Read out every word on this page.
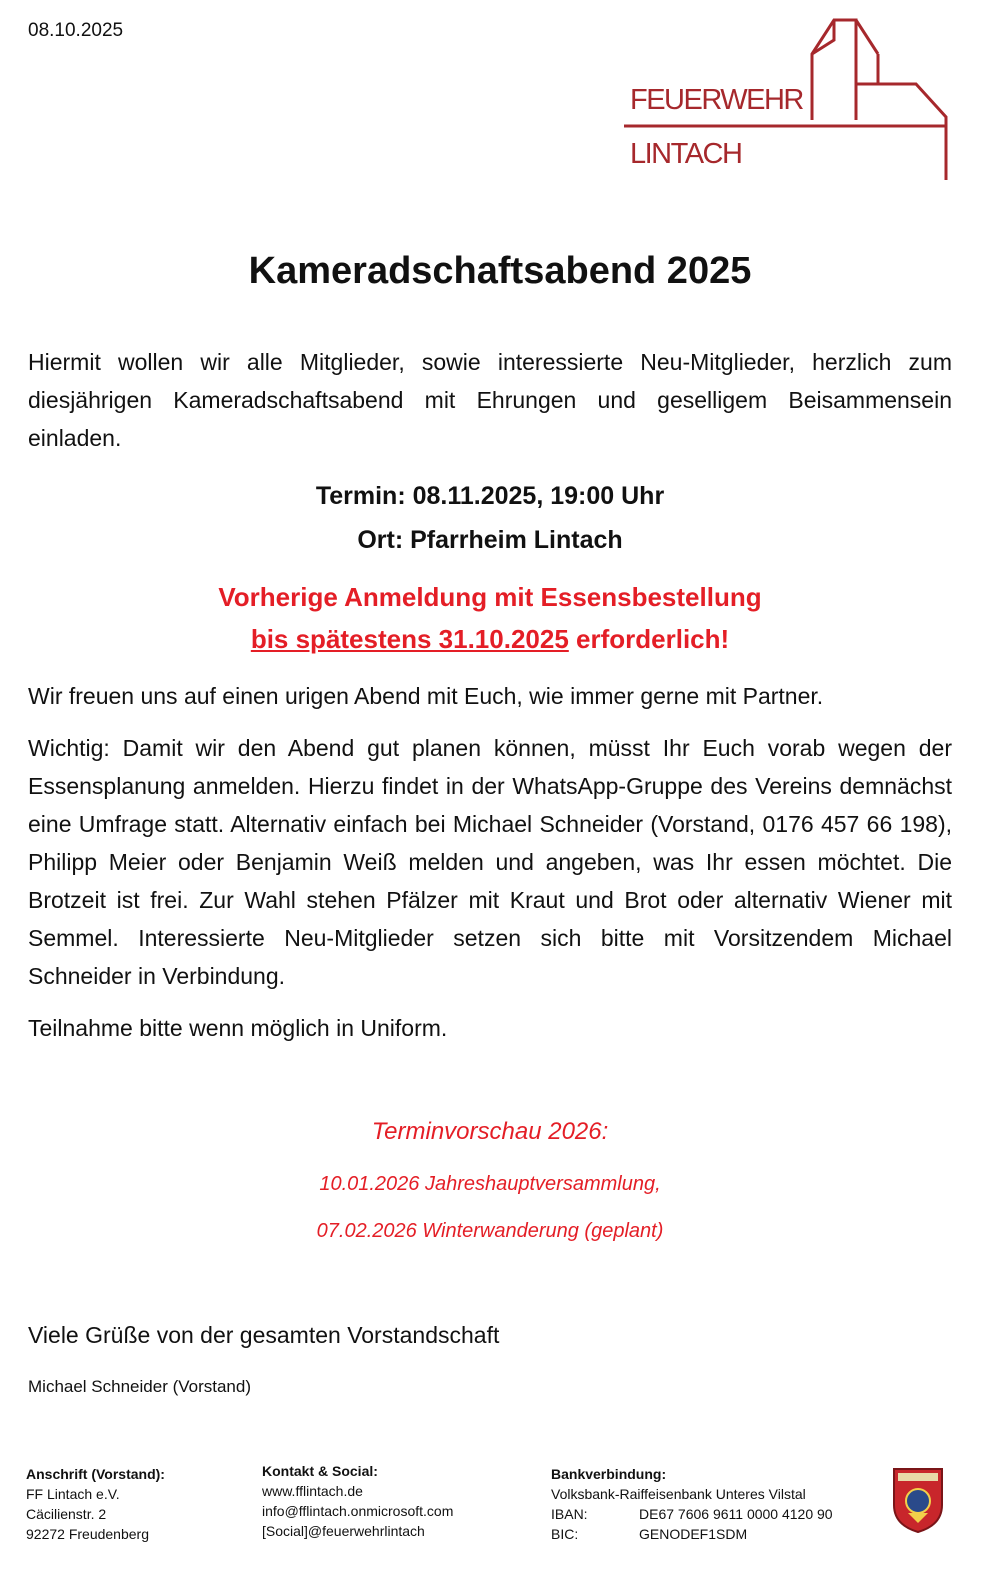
08.10.2025
FEUERWEHR
LINTACH
Kameradschaftsabend 2025
Hiermit wollen wir alle Mitglieder, sowie interessierte Neu-Mitglieder, herzlich zum diesjährigen Kameradschaftsabend mit Ehrungen und geselligem Beisammensein einladen.
Termin: 08.11.2025, 19:00 Uhr
Ort: Pfarrheim Lintach
Vorherige Anmeldung mit Essensbestellung
bis spätestens 31.10.2025 erforderlich!
Wir freuen uns auf einen urigen Abend mit Euch, wie immer gerne mit Partner.
Wichtig: Damit wir den Abend gut planen können, müsst Ihr Euch vorab wegen der Essensplanung anmelden. Hierzu findet in der WhatsApp-Gruppe des Vereins demnächst eine Umfrage statt. Alternativ einfach bei Michael Schneider (Vorstand, 0176 457 66 198), Philipp Meier oder Benjamin Weiß melden und angeben, was Ihr essen möchtet. Die Brotzeit ist frei. Zur Wahl stehen Pfälzer mit Kraut und Brot oder alternativ Wiener mit Semmel. Interessierte Neu-Mitglieder setzen sich bitte mit Vorsitzendem Michael Schneider in Verbindung.
Teilnahme bitte wenn möglich in Uniform.
Terminvorschau 2026:
10.01.2026 Jahreshauptversammlung,
07.02.2026 Winterwanderung (geplant)
Viele Grüße von der gesamten Vorstandschaft
Michael Schneider (Vorstand)
Anschrift (Vorstand):
FF Lintach e.V.
Cäcilienstr. 2
92272 Freudenberg
Kontakt & Social:
www.fflintach.de
info@fflintach.onmicrosoft.com
[Social]@feuerwehrlintach
Bankverbindung:
Volksbank-Raiffeisenbank Unteres Vilstal
IBAN:	DE67 7606 9611 0000 4120 90
BIC:	GENODEF1SDM
